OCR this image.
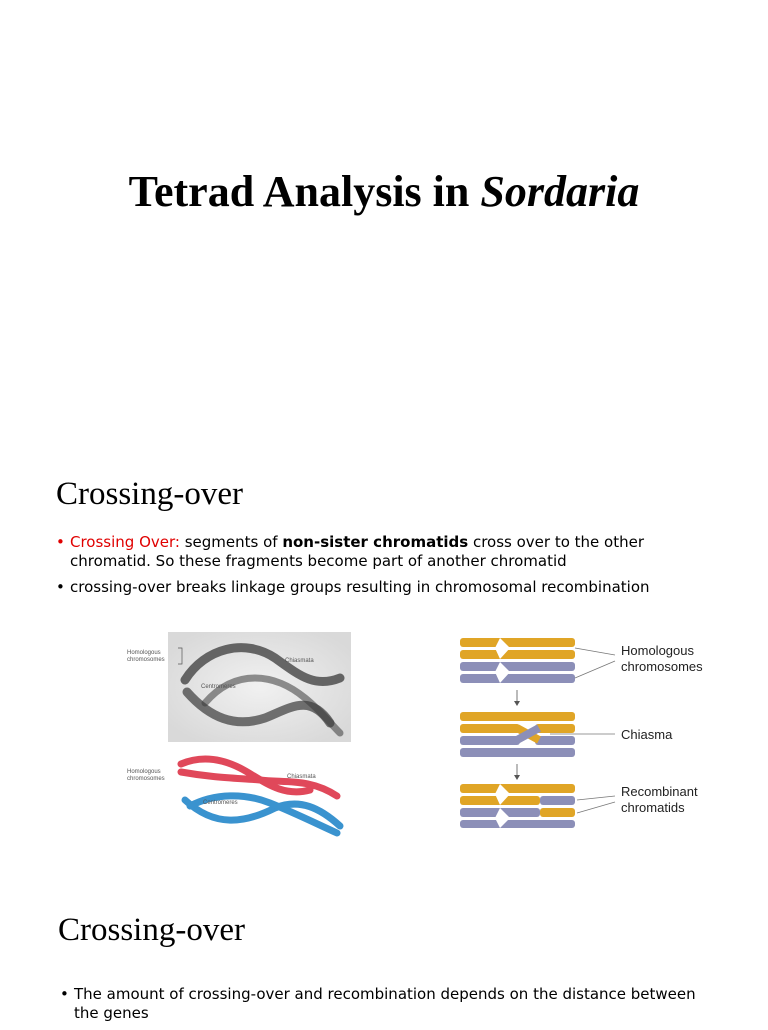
Tetrad Analysis in Sordaria
Crossing-over
• Crossing Over: segments of non-sister chromatids cross over to the other chromatid. So these fragments become part of another chromatid
• crossing-over breaks linkage groups resulting in chromosomal recombination
Homologous
chromosomes
Centromeres
Chiasmata
Homologous
chromosomes
Centromeres
Chiasmata
Homologous
chromosomes
Chiasma
Recombinant
chromatids
Crossing-over
• The amount of crossing-over and recombination depends on the distance between the genes
